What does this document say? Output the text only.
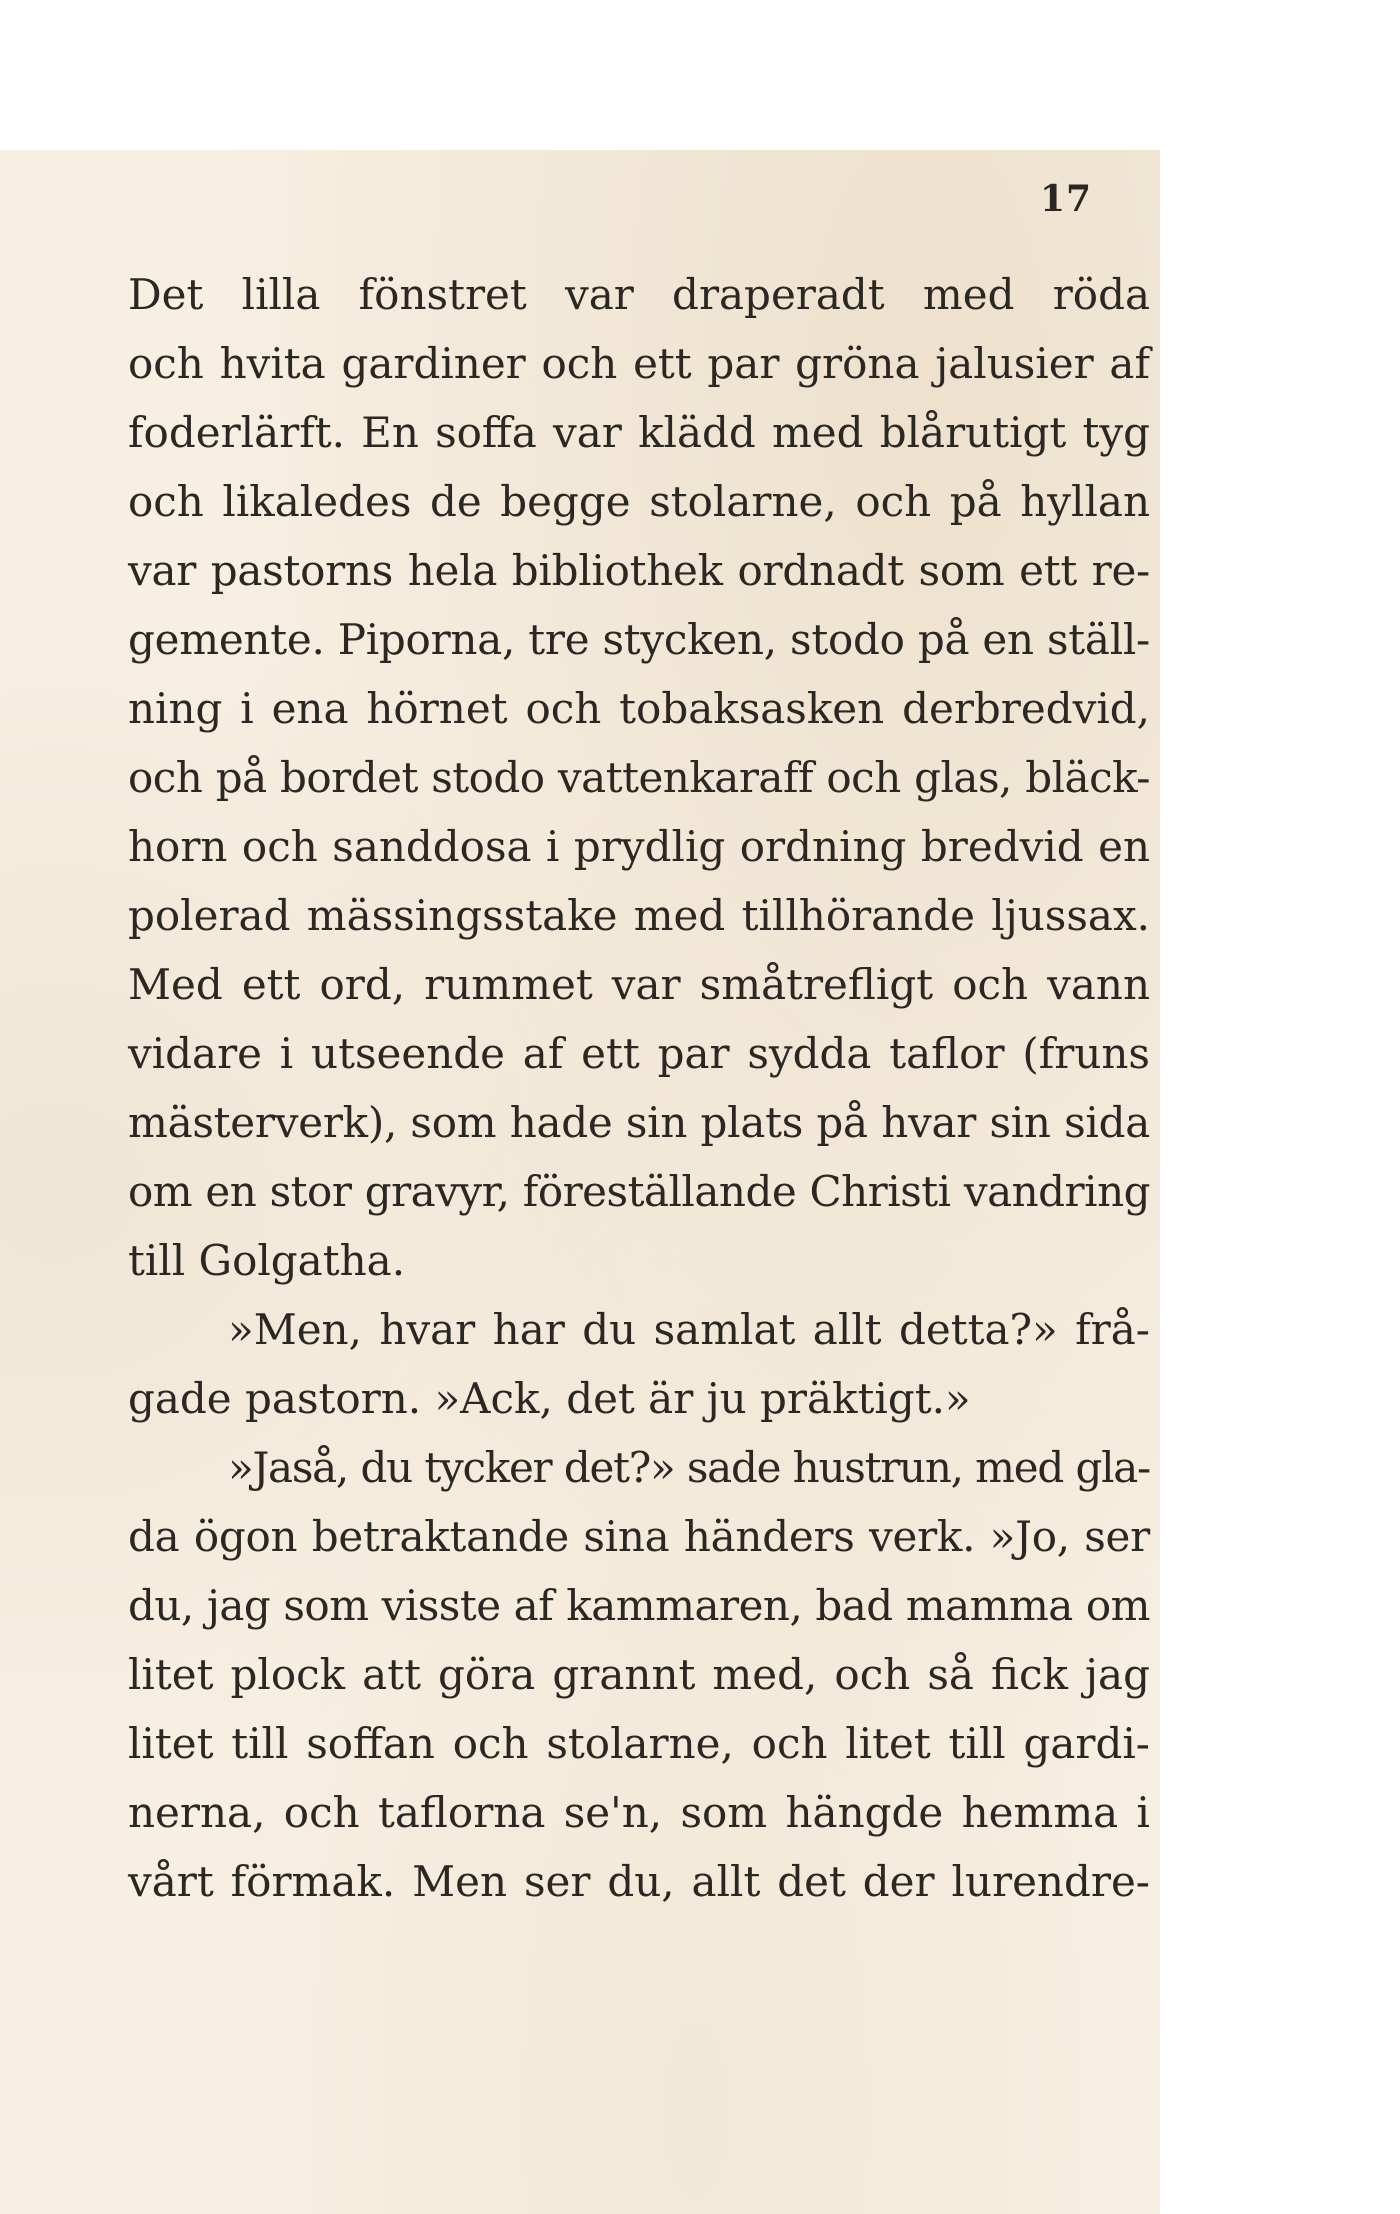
17
Det lilla fönstret var draperadt med röda
och hvita gardiner och ett par gröna jalusier af
foderlärft. En soffa var klädd med blårutigt tyg
och likaledes de begge stolarne, och på hyllan
var pastorns hela bibliothek ordnadt som ett re-
gemente. Piporna, tre stycken, stodo på en ställ-
ning i ena hörnet och tobaksasken derbredvid,
och på bordet stodo vattenkaraff och glas, bläck-
horn och sanddosa i prydlig ordning bredvid en
polerad mässingsstake med tillhörande ljussax.
Med ett ord, rummet var småtrefligt och vann
vidare i utseende af ett par sydda taflor (fruns
mästerverk), som hade sin plats på hvar sin sida
om en stor gravyr, föreställande Christi vandring
till Golgatha.
»Men, hvar har du samlat allt detta?» frå-
gade pastorn. »Ack, det är ju präktigt.»
»Jaså, du tycker det?» sade hustrun, med gla-
da ögon betraktande sina händers verk. »Jo, ser
du, jag som visste af kammaren, bad mamma om
litet plock att göra grannt med, och så fick jag
litet till soffan och stolarne, och litet till gardi-
nerna, och taflorna se'n, som hängde hemma i
vårt förmak. Men ser du, allt det der lurendre-
